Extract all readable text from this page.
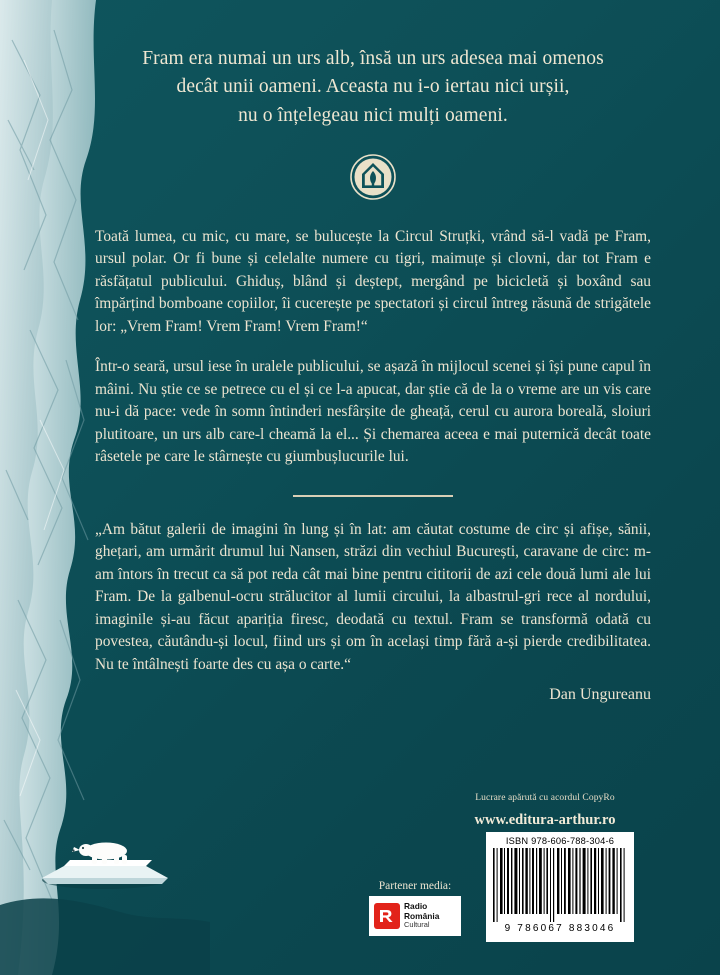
Fram era numai un urs alb, însă un urs adesea mai omenos
decât unii oameni. Aceasta nu i-o iertau nici urșii,
nu o înțelegeau nici mulți oameni.

Toată lumea, cu mic, cu mare, se bulucește la Circul Struțki, vrând să-l vadă pe Fram, ursul polar. Or fi bune și celelalte numere cu tigri, maimuțe și clovni, dar tot Fram e răsfățatul publicului. Ghiduș, blând și deștept, mergând pe bicicletă și boxând sau împărțind bomboane copiilor, îi cucerește pe spectatori și circul întreg răsună de strigătele lor: „Vrem Fram! Vrem Fram! Vrem Fram!“

Într-o seară, ursul iese în uralele publicului, se așază în mijlocul scenei și își pune capul în mâini. Nu știe ce se petrece cu el și ce l-a apucat, dar știe că de la o vreme are un vis care nu-i dă pace: vede în somn întinderi nesfârșite de gheață, cerul cu aurora boreală, sloiuri plutitoare, un urs alb care-l cheamă la el... Și chemarea aceea e mai puternică decât toate râsetele pe care le stârnește cu giumbușlucurile lui.

„Am bătut galerii de imagini în lung și în lat: am căutat costume de circ și afișe, sănii, ghețari, am urmărit drumul lui Nansen, străzi din vechiul București, caravane de circ: m-am întors în trecut ca să pot reda cât mai bine pentru cititorii de azi cele două lumi ale lui Fram. De la galbenul-ocru strălucitor al lumii circului, la albastrul-gri rece al nordului, imaginile și-au făcut apariția firesc, deodată cu textul. Fram se transformă odată cu povestea, căutându-și locul, fiind urs și om în același timp fără a-și pierde credibilitatea. Nu te întâlnești foarte des cu așa o carte.“

Dan Ungureanu
Lucrare apărută cu acordul CopyRo
www.editura-arthur.ro
ISBN 978-606-788-304-6
9 786067 883046
Partener media:
Radio
România
Cultural
